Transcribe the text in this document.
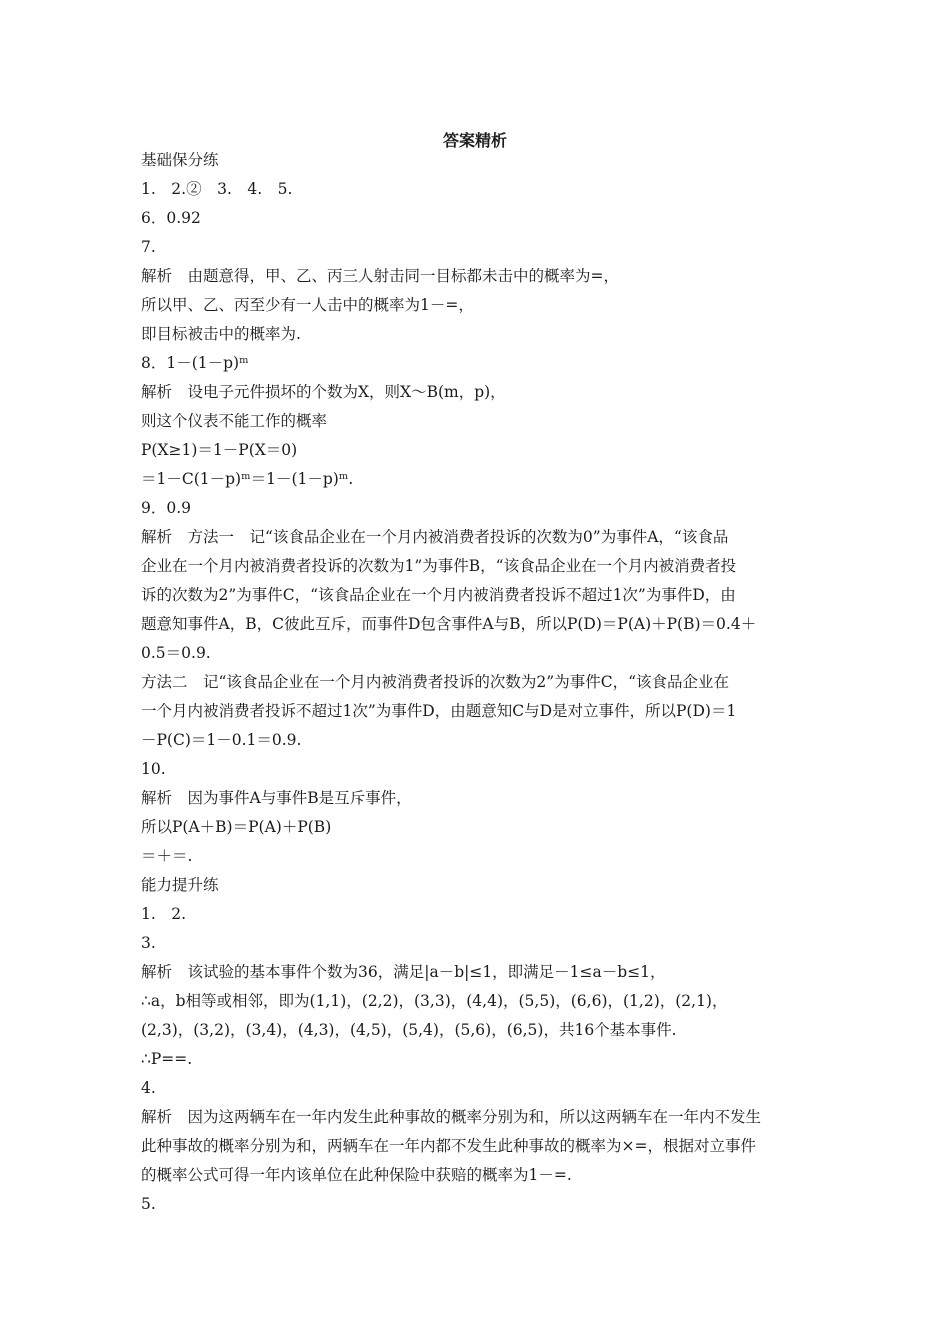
答案精析
基础保分练
1.　2.②　3.　4.　5.
6．0.92
7.
解析　由题意得，甲、乙、丙三人射击同一目标都未击中的概率为=，
所以甲、乙、丙至少有一人击中的概率为1－=，
即目标被击中的概率为.
8．1－(1－p)ᵐ
解析　设电子元件损坏的个数为X，则X～B(m，p)，
则这个仪表不能工作的概率
P(X≥1)＝1－P(X＝0)
＝1－C(1－p)ᵐ＝1－(1－p)ᵐ.
9．0.9
解析　方法一　记“该食品企业在一个月内被消费者投诉的次数为0”为事件A，“该食品
企业在一个月内被消费者投诉的次数为1”为事件B，“该食品企业在一个月内被消费者投
诉的次数为2”为事件C，“该食品企业在一个月内被消费者投诉不超过1次”为事件D，由
题意知事件A，B，C彼此互斥，而事件D包含事件A与B，所以P(D)＝P(A)＋P(B)＝0.4＋
0.5＝0.9.
方法二　记“该食品企业在一个月内被消费者投诉的次数为2”为事件C，“该食品企业在
一个月内被消费者投诉不超过1次”为事件D，由题意知C与D是对立事件，所以P(D)＝1
－P(C)＝1－0.1＝0.9.
10.
解析　因为事件A与事件B是互斥事件，
所以P(A＋B)＝P(A)＋P(B)
＝＋＝.
能力提升练
1.　2.
3.
解析　该试验的基本事件个数为36，满足|a－b|≤1，即满足－1≤a－b≤1，
∴a，b相等或相邻，即为(1,1)，(2,2)，(3,3)，(4,4)，(5,5)，(6,6)，(1,2)，(2,1)，
(2,3)，(3,2)，(3,4)，(4,3)，(4,5)，(5,4)，(5,6)，(6,5)，共16个基本事件.
∴P==.
4.
解析　因为这两辆车在一年内发生此种事故的概率分别为和，所以这两辆车在一年内不发生
此种事故的概率分别为和，两辆车在一年内都不发生此种事故的概率为×=，根据对立事件
的概率公式可得一年内该单位在此种保险中获赔的概率为1－=.
5.
